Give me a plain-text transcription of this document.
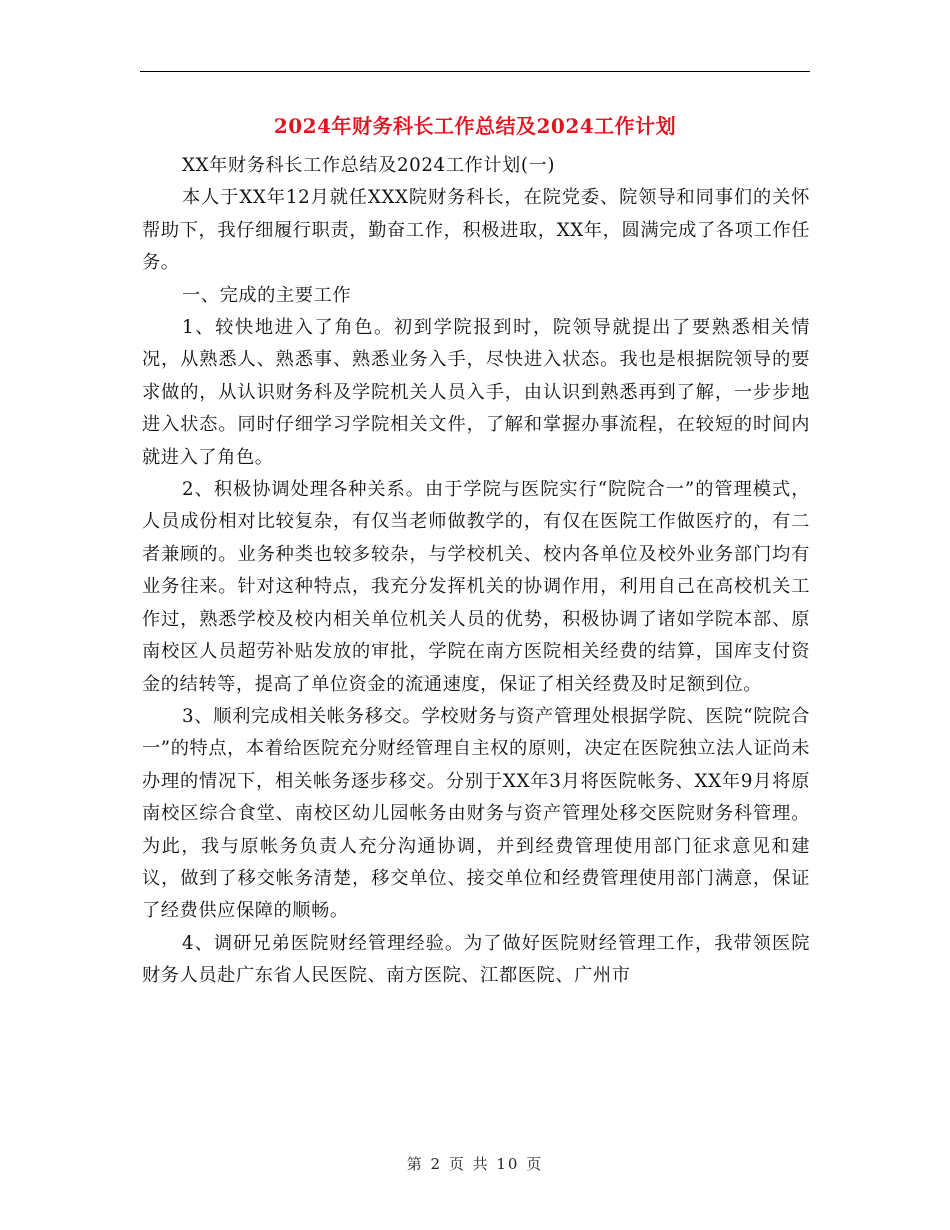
2024年财务科长工作总结及2024工作计划

XX年财务科长工作总结及2024工作计划(一)

本人于XX年12月就任XXX院财务科长，在院党委、院领导和同事们的关怀帮助下，我仔细履行职责，勤奋工作，积极进取，XX年，圆满完成了各项工作任务。

一、完成的主要工作

1、较快地进入了角色。初到学院报到时，院领导就提出了要熟悉相关情况，从熟悉人、熟悉事、熟悉业务入手，尽快进入状态。我也是根据院领导的要求做的，从认识财务科及学院机关人员入手，由认识到熟悉再到了解，一步步地进入状态。同时仔细学习学院相关文件，了解和掌握办事流程，在较短的时间内就进入了角色。

2、积极协调处理各种关系。由于学院与医院实行“院院合一”的管理模式，人员成份相对比较复杂，有仅当老师做教学的，有仅在医院工作做医疗的，有二者兼顾的。业务种类也较多较杂，与学校机关、校内各单位及校外业务部门均有业务往来。针对这种特点，我充分发挥机关的协调作用，利用自己在高校机关工作过，熟悉学校及校内相关单位机关人员的优势，积极协调了诸如学院本部、原南校区人员超劳补贴发放的审批，学院在南方医院相关经费的结算，国库支付资金的结转等，提高了单位资金的流通速度，保证了相关经费及时足额到位。

3、顺利完成相关帐务移交。学校财务与资产管理处根据学院、医院“院院合一”的特点，本着给医院充分财经管理自主权的原则，决定在医院独立法人证尚未办理的情况下，相关帐务逐步移交。分别于XX年3月将医院帐务、XX年9月将原南校区综合食堂、南校区幼儿园帐务由财务与资产管理处移交医院财务科管理。为此，我与原帐务负责人充分沟通协调，并到经费管理使用部门征求意见和建议，做到了移交帐务清楚，移交单位、接交单位和经费管理使用部门满意，保证了经费供应保障的顺畅。

4、调研兄弟医院财经管理经验。为了做好医院财经管理工作，我带领医院财务人员赴广东省人民医院、南方医院、江都医院、广州市

第 2 页 共 10 页
